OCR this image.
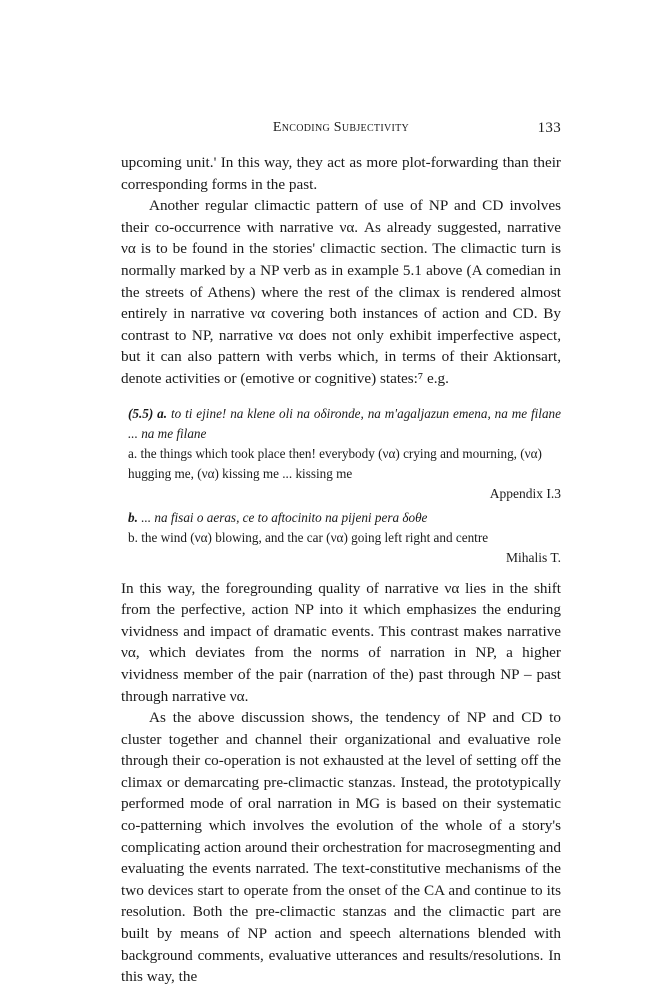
Encoding Subjectivity	133

upcoming unit.' In this way, they act as more plot-forwarding than their corresponding forms in the past.

Another regular climactic pattern of use of NP and CD involves their co-occurrence with narrative να. As already suggested, narrative να is to be found in the stories' climactic section. The climactic turn is normally marked by a NP verb as in example 5.1 above (A comedian in the streets of Athens) where the rest of the climax is rendered almost entirely in narrative να covering both instances of action and CD. By contrast to NP, narrative να does not only exhibit imperfective aspect, but it can also pattern with verbs which, in terms of their Aktionsart, denote activities or (emotive or cognitive) states:⁷ e.g.

(5.5) a. to ti ejine! na klene oli na oδironde, na m'agaljazun emena, na me filane ... na me filane

a. the things which took place then! everybody (να) crying and mourning, (να) hugging me, (να) kissing me ... kissing me

Appendix I.3

b. ... na fisai o aeras, ce to aftocinito na pijeni pera δoθe

b. the wind (να) blowing, and the car (να) going left right and centre

Mihalis T.

In this way, the foregrounding quality of narrative να lies in the shift from the perfective, action NP into it which emphasizes the enduring vividness and impact of dramatic events. This contrast makes narrative να, which deviates from the norms of narration in NP, a higher vividness member of the pair (narration of the) past through NP – past through narrative να.

As the above discussion shows, the tendency of NP and CD to cluster together and channel their organizational and evaluative role through their co-operation is not exhausted at the level of setting off the climax or demarcating pre-climactic stanzas. Instead, the prototypically performed mode of oral narration in MG is based on their systematic co-patterning which involves the evolution of the whole of a story's complicating action around their orchestration for macrosegmenting and evaluating the events narrated. The text-constitutive mechanisms of the two devices start to operate from the onset of the CA and continue to its resolution. Both the pre-climactic stanzas and the climactic part are built by means of NP action and speech alternations blended with background comments, evaluative utterances and results/resolutions. In this way, the
